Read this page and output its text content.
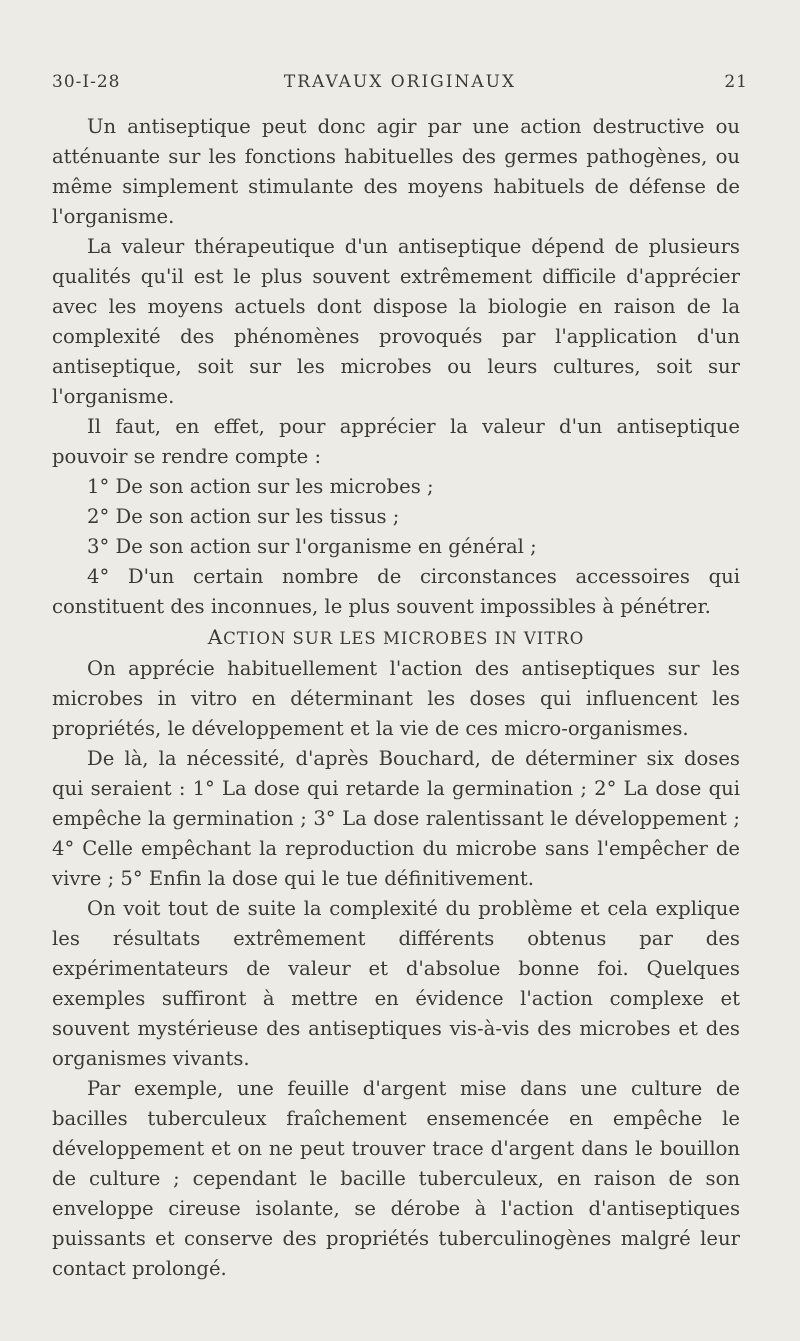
30-I-28	TRAVAUX ORIGINAUX	21

Un antiseptique peut donc agir par une action destructive ou atténuante sur les fonctions habituelles des germes pathogènes, ou même simplement stimulante des moyens habituels de défense de l'organisme.

La valeur thérapeutique d'un antiseptique dépend de plusieurs qualités qu'il est le plus souvent extrêmement difficile d'apprécier avec les moyens actuels dont dispose la biologie en raison de la complexité des phénomènes provoqués par l'application d'un antiseptique, soit sur les microbes ou leurs cultures, soit sur l'organisme.

Il faut, en effet, pour apprécier la valeur d'un antiseptique pouvoir se rendre compte :

1° De son action sur les microbes ;

2° De son action sur les tissus ;

3° De son action sur l'organisme en général ;

4° D'un certain nombre de circonstances accessoires qui constituent des inconnues, le plus souvent impossibles à pénétrer.

ACTION SUR LES MICROBES IN VITRO

On apprécie habituellement l'action des antiseptiques sur les microbes in vitro en déterminant les doses qui influencent les propriétés, le développement et la vie de ces micro-organismes.

De là, la nécessité, d'après Bouchard, de déterminer six doses qui seraient : 1° La dose qui retarde la germination ; 2° La dose qui empêche la germination ; 3° La dose ralentissant le développement ; 4° Celle empêchant la reproduction du microbe sans l'empêcher de vivre ; 5° Enfin la dose qui le tue définitivement.

On voit tout de suite la complexité du problème et cela explique les résultats extrêmement différents obtenus par des expérimentateurs de valeur et d'absolue bonne foi. Quelques exemples suffiront à mettre en évidence l'action complexe et souvent mystérieuse des antiseptiques vis-à-vis des microbes et des organismes vivants.

Par exemple, une feuille d'argent mise dans une culture de bacilles tuberculeux fraîchement ensemencée en empêche le développement et on ne peut trouver trace d'argent dans le bouillon de culture ; cependant le bacille tuberculeux, en raison de son enveloppe cireuse isolante, se dérobe à l'action d'antiseptiques puissants et conserve des propriétés tuberculinogènes malgré leur contact prolongé.
